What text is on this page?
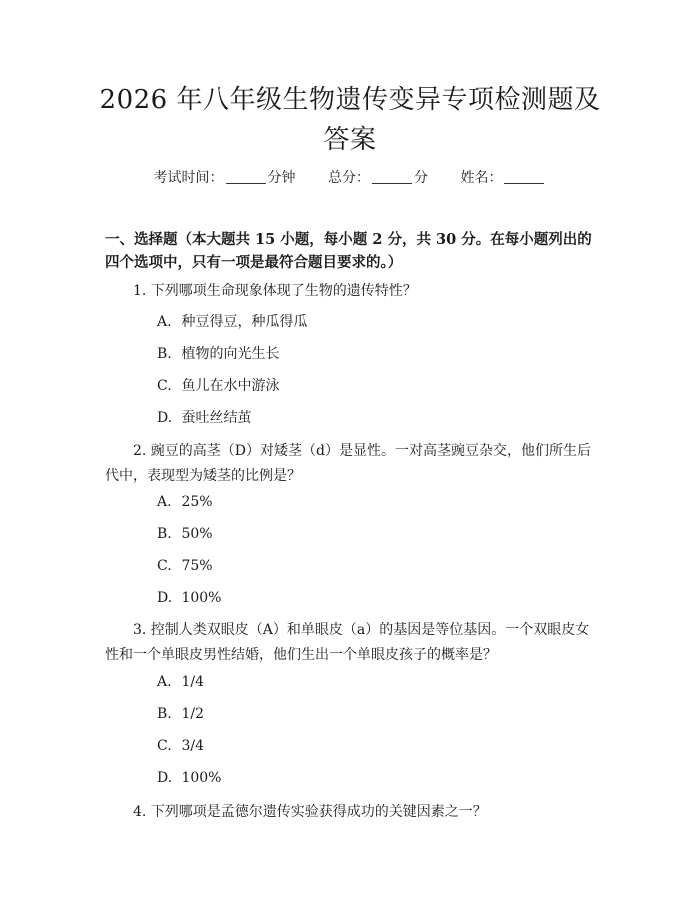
2026 年八年级生物遗传变异专项检测题及答案
考试时间：	分钟 总分：	分 姓名：
一、选择题（本大题共 15 小题，每小题 2 分，共 30 分。在每小题列出的四个选项中，只有一项是最符合题目要求的。）
1. 下列哪项生命现象体现了生物的遗传特性？
A. 种豆得豆，种瓜得瓜
B. 植物的向光生长
C. 鱼儿在水中游泳
D. 蚕吐丝结茧
2. 豌豆的高茎（D）对矮茎（d）是显性。一对高茎豌豆杂交，他们所生后代中，表现型为矮茎的比例是？
A. 25%
B. 50%
C. 75%
D. 100%
3. 控制人类双眼皮（A）和单眼皮（a）的基因是等位基因。一个双眼皮女性和一个单眼皮男性结婚，他们生出一个单眼皮孩子的概率是？
A. 1/4
B. 1/2
C. 3/4
D. 100%
4. 下列哪项是孟德尔遗传实验获得成功的关键因素之一？
